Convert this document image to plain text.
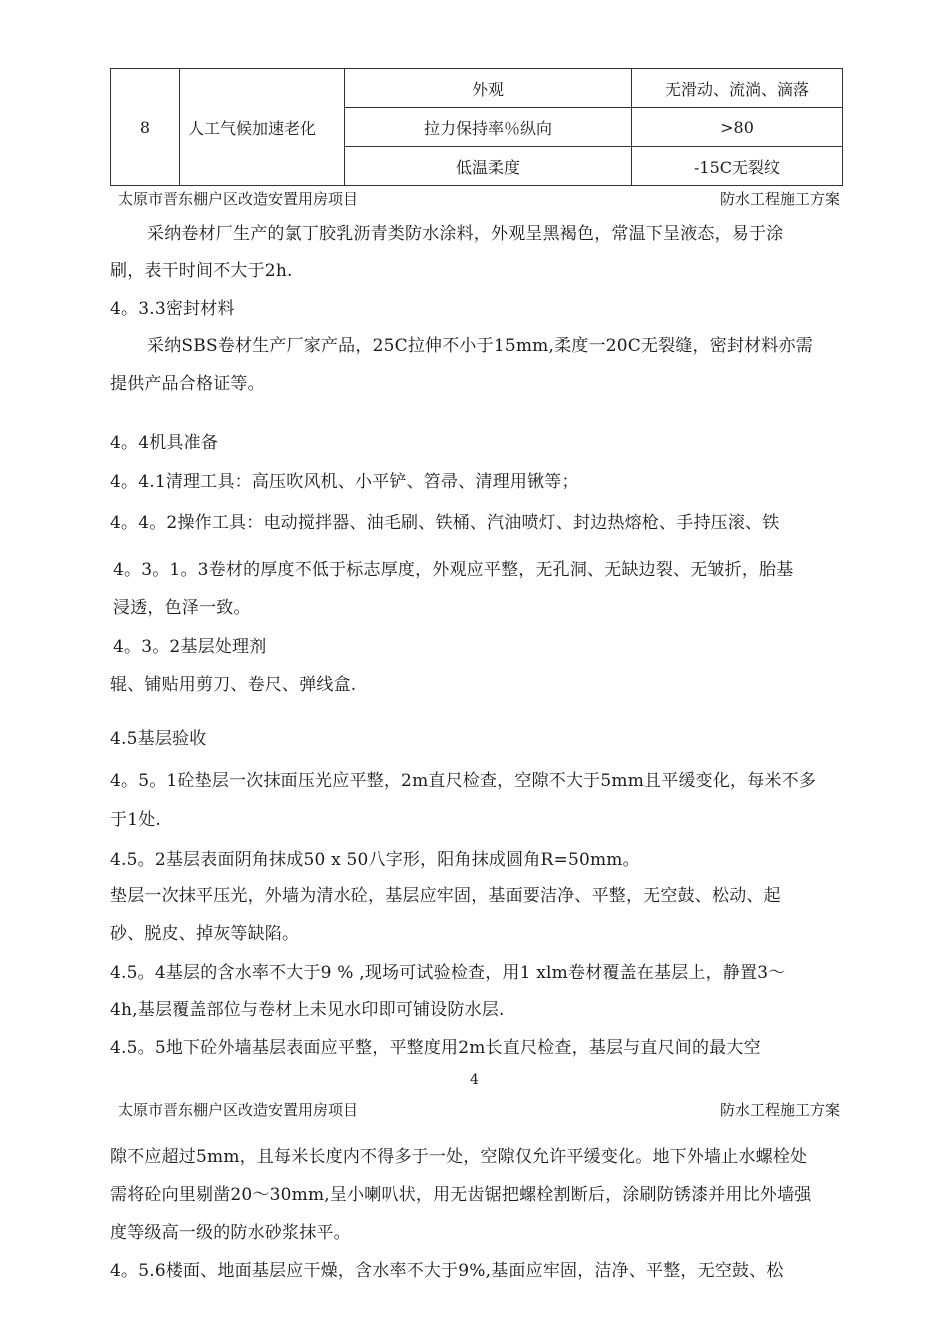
8	人工气候加速老化	外观	无滑动、流淌、滴落
		拉力保持率％纵向	>80
		低温柔度	-15C无裂纹
太原市晋东棚户区改造安置用房项目	防水工程施工方案
采纳卷材厂生产的氯丁胶乳沥青类防水涂料，外观呈黑褐色，常温下呈液态，易于涂
刷，表干时间不大于2h.
4。3.3密封材料
采纳SBS卷材生产厂家产品，25C拉伸不小于15mm,柔度一20C无裂缝，密封材料亦需
提供产品合格证等。
4。4机具准备
4。4.1清理工具：高压吹风机、小平铲、笤帚、清理用锹等；
4。4。2操作工具：电动搅拌器、油毛刷、铁桶、汽油喷灯、封边热熔枪、手持压滚、铁
4。3。1。3卷材的厚度不低于标志厚度，外观应平整，无孔洞、无缺边裂、无皱折，胎基
浸透，色泽一致。
4。3。2基层处理剂
辊、铺贴用剪刀、卷尺、弹线盒.
4.5基层验收
4。5。1砼垫层一次抹面压光应平整，2m直尺检查，空隙不大于5mm且平缓变化，每米不多
于1处.
4.5。2基层表面阴角抹成50 x 50八字形，阳角抹成圆角R=50mm。
垫层一次抹平压光，外墙为清水砼，基层应牢固，基面要洁净、平整，无空鼓、松动、起
砂、脱皮、掉灰等缺陷。
4.5。4基层的含水率不大于9 % ,现场可试验检查，用1 xlm卷材覆盖在基层上，静置3〜
4h,基层覆盖部位与卷材上未见水印即可铺设防水层.
4.5。5地下砼外墙基层表面应平整，平整度用2m长直尺检查，基层与直尺间的最大空
4
太原市晋东棚户区改造安置用房项目	防水工程施工方案
隙不应超过5mm，且每米长度内不得多于一处，空隙仅允许平缓变化。地下外墙止水螺栓处
需将砼向里剔凿20〜30mm,呈小喇叭状，用无齿锯把螺栓割断后，涂刷防锈漆并用比外墙强
度等级高一级的防水砂浆抹平。
4。5.6楼面、地面基层应干燥，含水率不大于9%,基面应牢固，洁净、平整，无空鼓、松
